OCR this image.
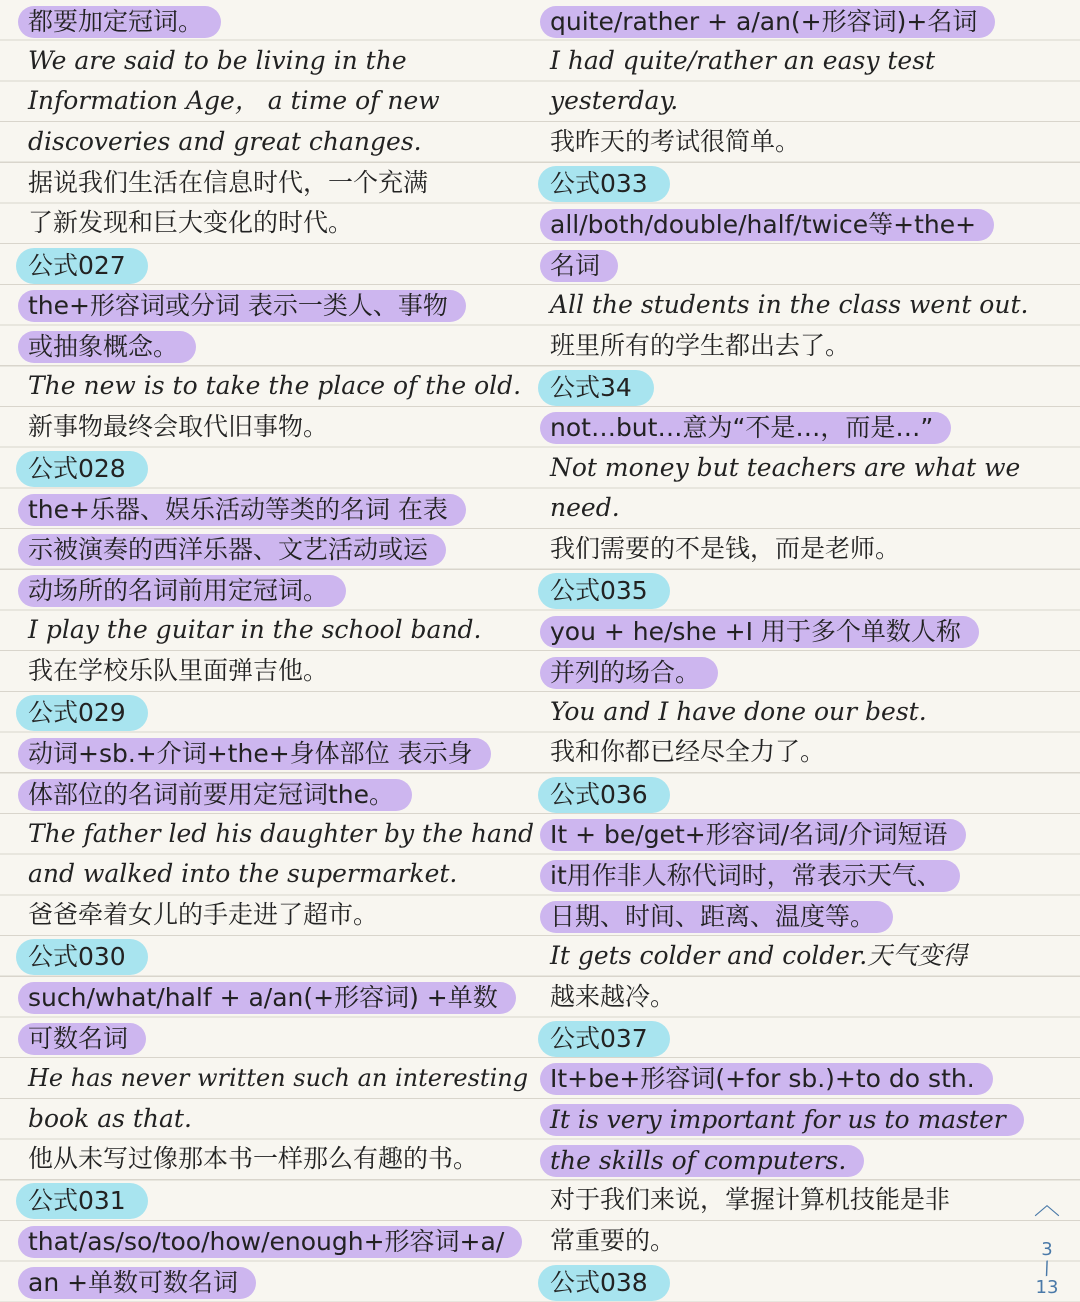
都要加定冠词。
We are said to be living in the
Information Age， a time of new
discoveries and great changes.
据说我们生活在信息时代，一个充满
了新发现和巨大变化的时代。
公式027
the+形容词或分词 表示一类人、事物
或抽象概念。
The new is to take the place of the old.
新事物最终会取代旧事物。
公式028
the+乐器、娱乐活动等类的名词 在表
示被演奏的西洋乐器、文艺活动或运
动场所的名词前用定冠词。
I play the guitar in the school band.
我在学校乐队里面弹吉他。
公式029
动词+sb.+介词+the+身体部位 表示身
体部位的名词前要用定冠词the。
The father led his daughter by the hand
and walked into the supermarket.
爸爸牵着女儿的手走进了超市。
公式030
such/what/half + a/an(+形容词) +单数
可数名词
He has never written such an interesting
book as that.
他从未写过像那本书一样那么有趣的书。
公式031
that/as/so/too/how/enough+形容词+a/
an +单数可数名词
quite/rather + a/an(+形容词)+名词
I had quite/rather an easy test
yesterday.
我昨天的考试很简单。
公式033
all/both/double/half/twice等+the+
名词
All the students in the class went out.
班里所有的学生都出去了。
公式34
not…but…意为“不是…，而是…”
Not money but teachers are what we
need.
我们需要的不是钱，而是老师。
公式035
you + he/she +I 用于多个单数人称
并列的场合。
You and I have done our best.
我和你都已经尽全力了。
公式036
It + be/get+形容词/名词/介词短语
it用作非人称代词时，常表示天气、
日期、时间、距离、温度等。
It gets colder and colder.天气变得
越来越冷。
公式037
It+be+形容词(+for sb.)+to do sth.
It is very important for us to master
the skills of computers.
对于我们来说，掌握计算机技能是非
常重要的。
公式038
︿
3
/
13
